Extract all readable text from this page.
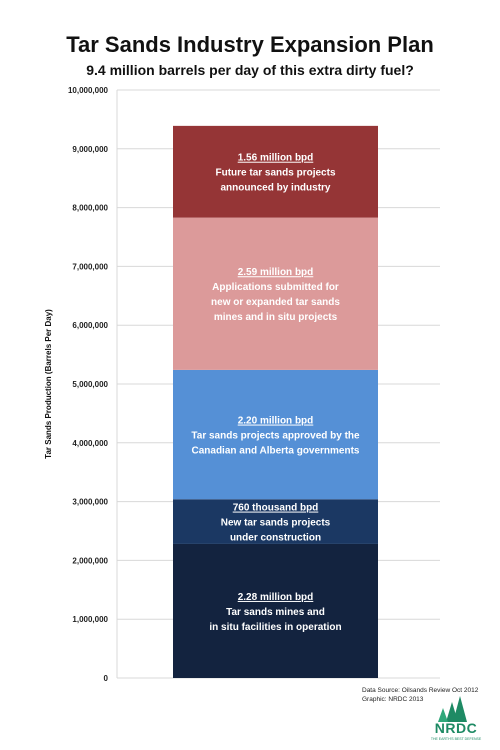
Tar Sands Industry Expansion Plan
9.4 million barrels per day of this extra dirty fuel?
0
1,000,000
2,000,000
3,000,000
4,000,000
5,000,000
6,000,000
7,000,000
8,000,000
9,000,000
10,000,000
2.28 million bpd
Tar sands mines and
in situ facilities in operation
760 thousand bpd
New tar sands projects
under construction
2.20 million bpd
Tar sands projects approved by the
Canadian and Alberta governments
2.59 million bpd
Applications submitted for
new or expanded tar sands
mines and in situ projects
1.56 million bpd
Future tar sands projects
announced by industry
Tar Sands Production (Barrels Per Day)
Data Source: Oilsands Review Oct 2012
Graphic: NRDC 2013
NRDC
THE EARTH'S BEST DEFENSE
